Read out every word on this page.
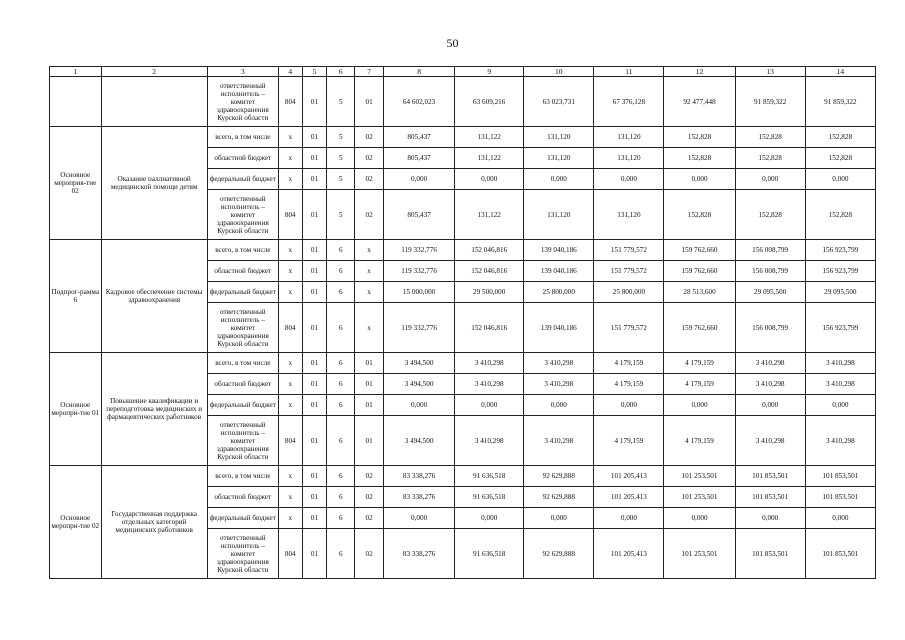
50
1	2	3	4	5	6	7	8	9	10	11	12	13	14
		ответственный исполнитель – комитет здравоохранения Курской области	804	01	5	01	64 602,023	63 609,216	63 023,731	67 376,128	92 477,448	91 859,322	91 859,322
Основное мероприя-тие 02	Оказание паллиативной медицинской помощи детям	всего, в том числе	х	01	5	02	805,437	131,122	131,120	131,120	152,828	152,828	152,828
		областной бюджет	х	01	5	02	805,437	131,122	131,120	131,120	152,828	152,828	152,828
		федеральный бюджет	х	01	5	02	0,000	0,000	0,000	0,000	0,000	0,000	0,000
		ответственный исполнитель – комитет здравоохранения Курской области	804	01	5	02	805,437	131,122	131,120	131,120	152,828	152,828	152,828
Подпрог-рамма 6	Кадровое обеспечение системы здравоохранения	всего, в том числе	х	01	6	х	119 332,776	152 046,816	139 040,186	151 779,572	159 762,660	156 008,799	156 923,799
		областной бюджет	х	01	6	х	119 332,776	152 046,816	139 040,186	151 779,572	159 762,660	156 008,799	156 923,799
		федеральный бюджет	х	01	6	х	15 000,000	29 500,000	25 800,000	25 800,000	28 513,600	29 095,500	29 095,500
		ответственный исполнитель – комитет здравоохранения Курской области	804	01	6	х	119 332,776	152 046,816	139 040,186	151 779,572	159 762,660	156 008,799	156 923,799
Основное меропри-тие 01	Повышение квалификации и переподготовка медицинских и фармацевтических работников	всего, в том числе	х	01	6	01	3 494,500	3 410,298	3 410,298	4 179,159	4 179,159	3 410,298	3 410,298
		областной бюджет	х	01	6	01	3 494,500	3 410,298	3 410,298	4 179,159	4 179,159	3 410,298	3 410,298
		федеральный бюджет	х	01	6	01	0,000	0,000	0,000	0,000	0,000	0,000	0,000
		ответственный исполнитель – комитет здравоохранения Курской области	804	01	6	01	3 494,500	3 410,298	3 410,298	4 179,159	4 179,159	3 410,298	3 410,298
Основное меропри-тие 02	Государственная поддержка отдельных категорий медицинских работников	всего, в том числе	х	01	6	02	83 338,276	91 636,518	92 629,888	101 205,413	101 253,501	101 853,501	101 853,501
		областной бюджет	х	01	6	02	83 338,276	91 636,518	92 629,888	101 205,413	101 253,501	101 853,501	101 853,501
		федеральный бюджет	х	01	6	02	0,000	0,000	0,000	0,000	0,000	0,000	0,000
		ответственный исполнитель – комитет здравоохранения Курской области	804	01	6	02	83 338,276	91 636,518	92 629,888	101 205,413	101 253,501	101 853,501	101 853,501
